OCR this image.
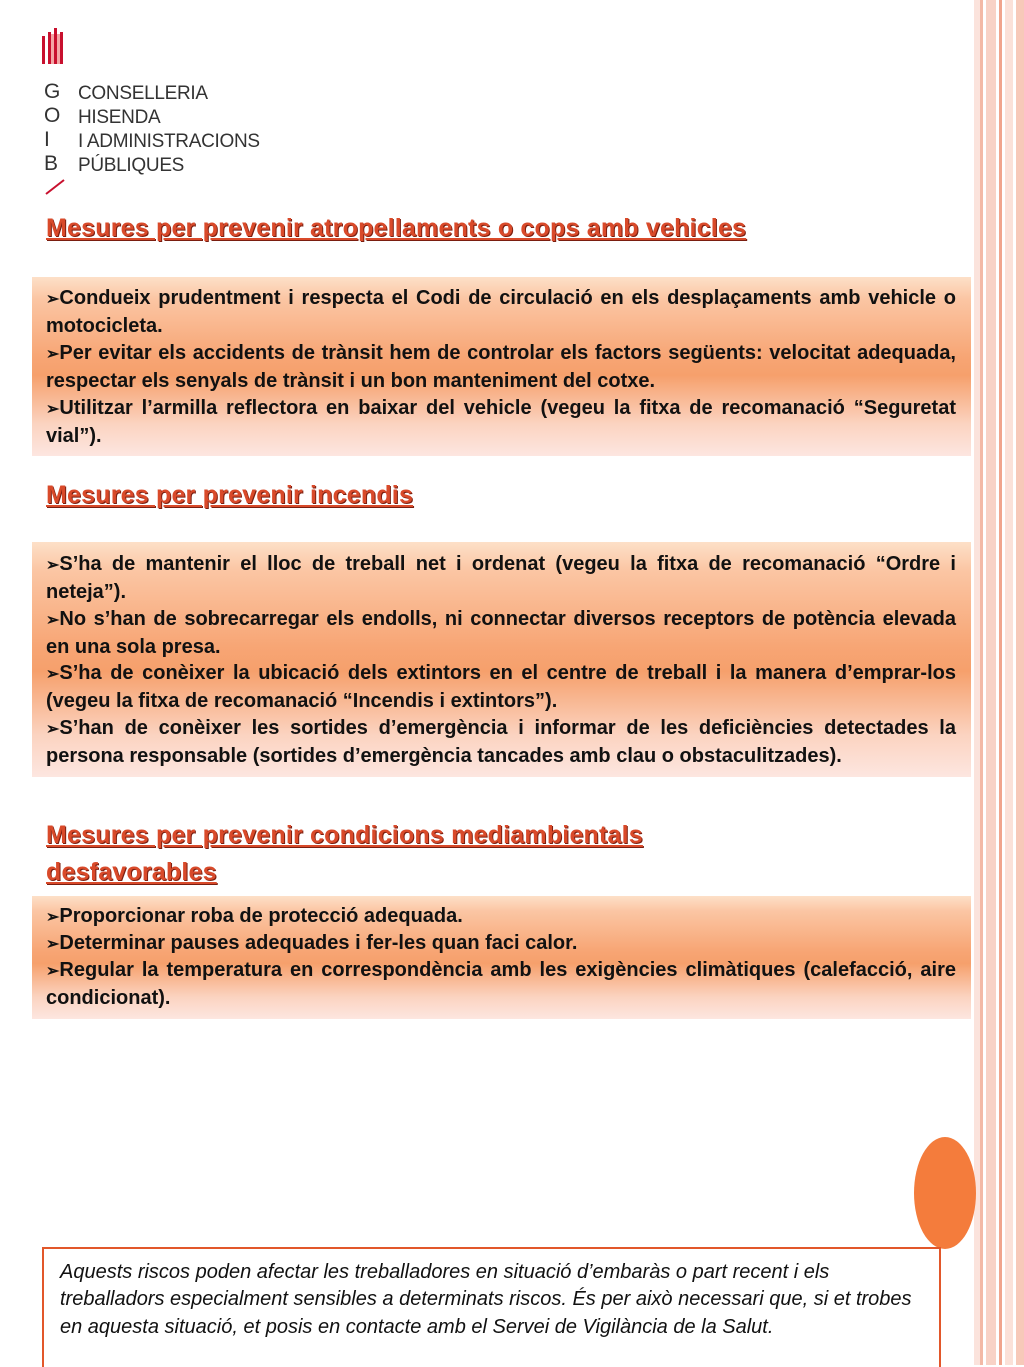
G
O
I
B
CONSELLERIA
HISENDA
I ADMINISTRACIONS
PÚBLIQUES
Mesures per prevenir atropellaments o cops amb vehicles
➢Condueix prudentment i respecta el Codi de circulació en els desplaçaments amb vehicle o motocicleta.
➢Per evitar els accidents de trànsit hem de controlar els factors següents: velocitat adequada, respectar els senyals de trànsit i un bon manteniment del cotxe.
➢Utilitzar l’armilla reflectora en baixar del vehicle (vegeu la fitxa de recomanació “Seguretat vial”).
Mesures per prevenir incendis
➢S’ha de mantenir el lloc de treball net i ordenat (vegeu la fitxa de recomanació “Ordre i neteja”).
➢No s’han de sobrecarregar els endolls, ni connectar diversos receptors de potència elevada en una sola presa.
➢S’ha de conèixer la ubicació dels extintors en el centre de treball i la manera d’emprar-los (vegeu la fitxa de recomanació “Incendis i extintors”).
➢S’han de conèixer les sortides d’emergència i informar de les deficiències detectades la persona responsable (sortides d’emergència tancades amb clau o obstaculitzades).
Mesures per prevenir condicions mediambientals
desfavorables
➢Proporcionar roba de protecció adequada.
➢Determinar pauses adequades i fer-les quan faci calor.
➢Regular la temperatura en correspondència amb les exigències climàtiques (calefacció, aire condicionat).

Aquests riscos poden afectar les treballadores en situació d’embaràs o part recent i els treballadors especialment sensibles a determinats riscos. És per això necessari que, si et trobes en aquesta situació, et posis en contacte amb el Servei de Vigilància de la Salut.
